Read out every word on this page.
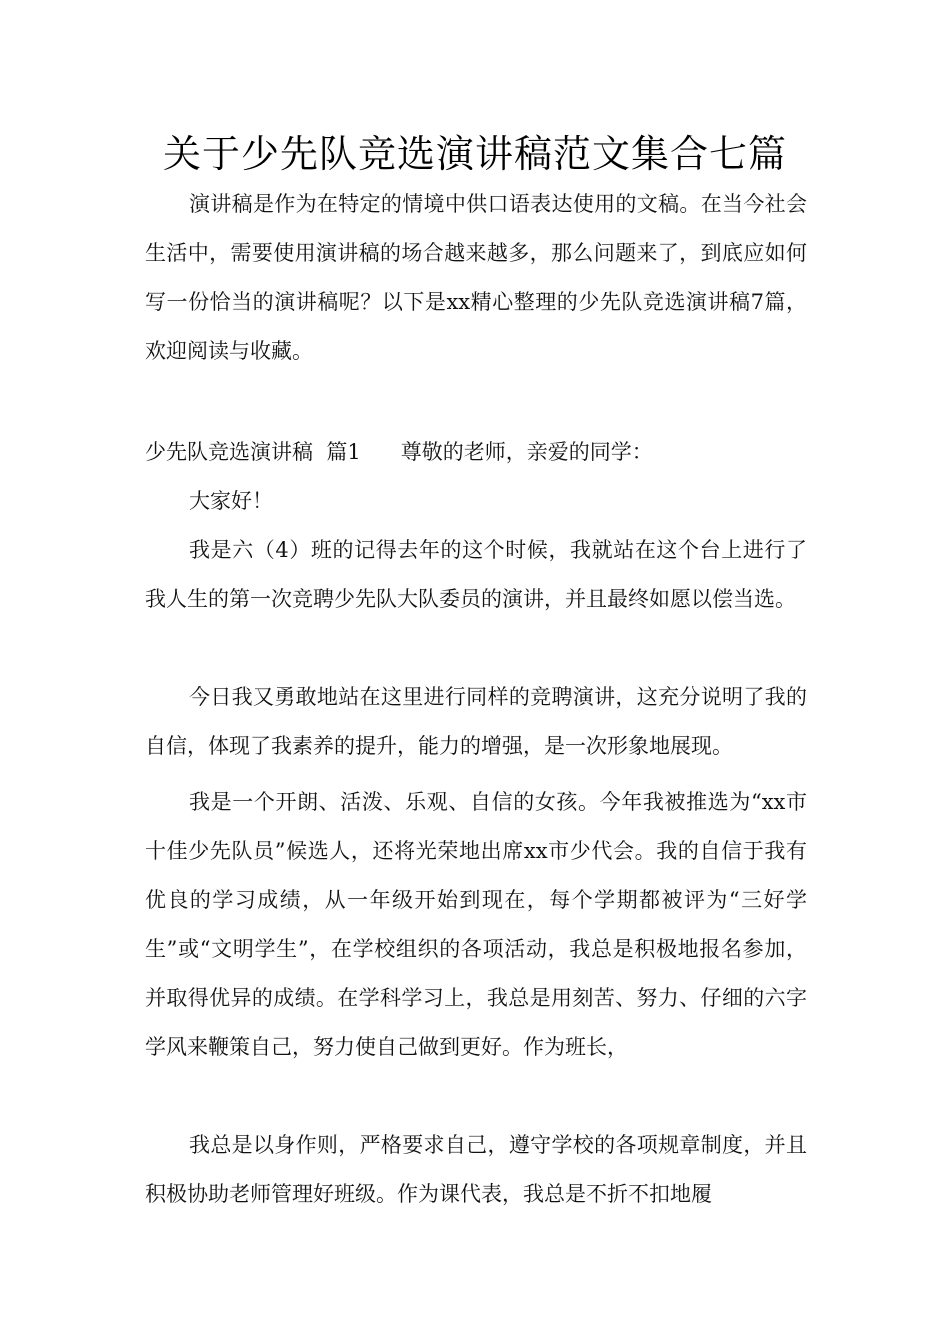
关于少先队竞选演讲稿范文集合七篇

演讲稿是作为在特定的情境中供口语表达使用的文稿。在当今社会生活中，需要使用演讲稿的场合越来越多，那么问题来了，到底应如何写一份恰当的演讲稿呢？以下是xx精心整理的少先队竞选演讲稿7篇，欢迎阅读与收藏。

少先队竞选演讲稿  篇1 尊敬的老师，亲爱的同学：

大家好！

我是六（4）班的记得去年的这个时候，我就站在这个台上进行了我人生的第一次竞聘少先队大队委员的演讲，并且最终如愿以偿当选。

今日我又勇敢地站在这里进行同样的竞聘演讲，这充分说明了我的自信，体现了我素养的提升，能力的增强，是一次形象地展现。

我是一个开朗、活泼、乐观、自信的女孩。今年我被推选为“xx市十佳少先队员”候选人，还将光荣地出席xx市少代会。我的自信于我有优良的学习成绩，从一年级开始到现在，每个学期都被评为“三好学生”或“文明学生”，在学校组织的各项活动，我总是积极地报名参加，并取得优异的成绩。在学科学习上，我总是用刻苦、努力、仔细的六字学风来鞭策自己，努力使自己做到更好。作为班长，

我总是以身作则，严格要求自己，遵守学校的各项规章制度，并且积极协助老师管理好班级。作为课代表，我总是不折不扣地履
